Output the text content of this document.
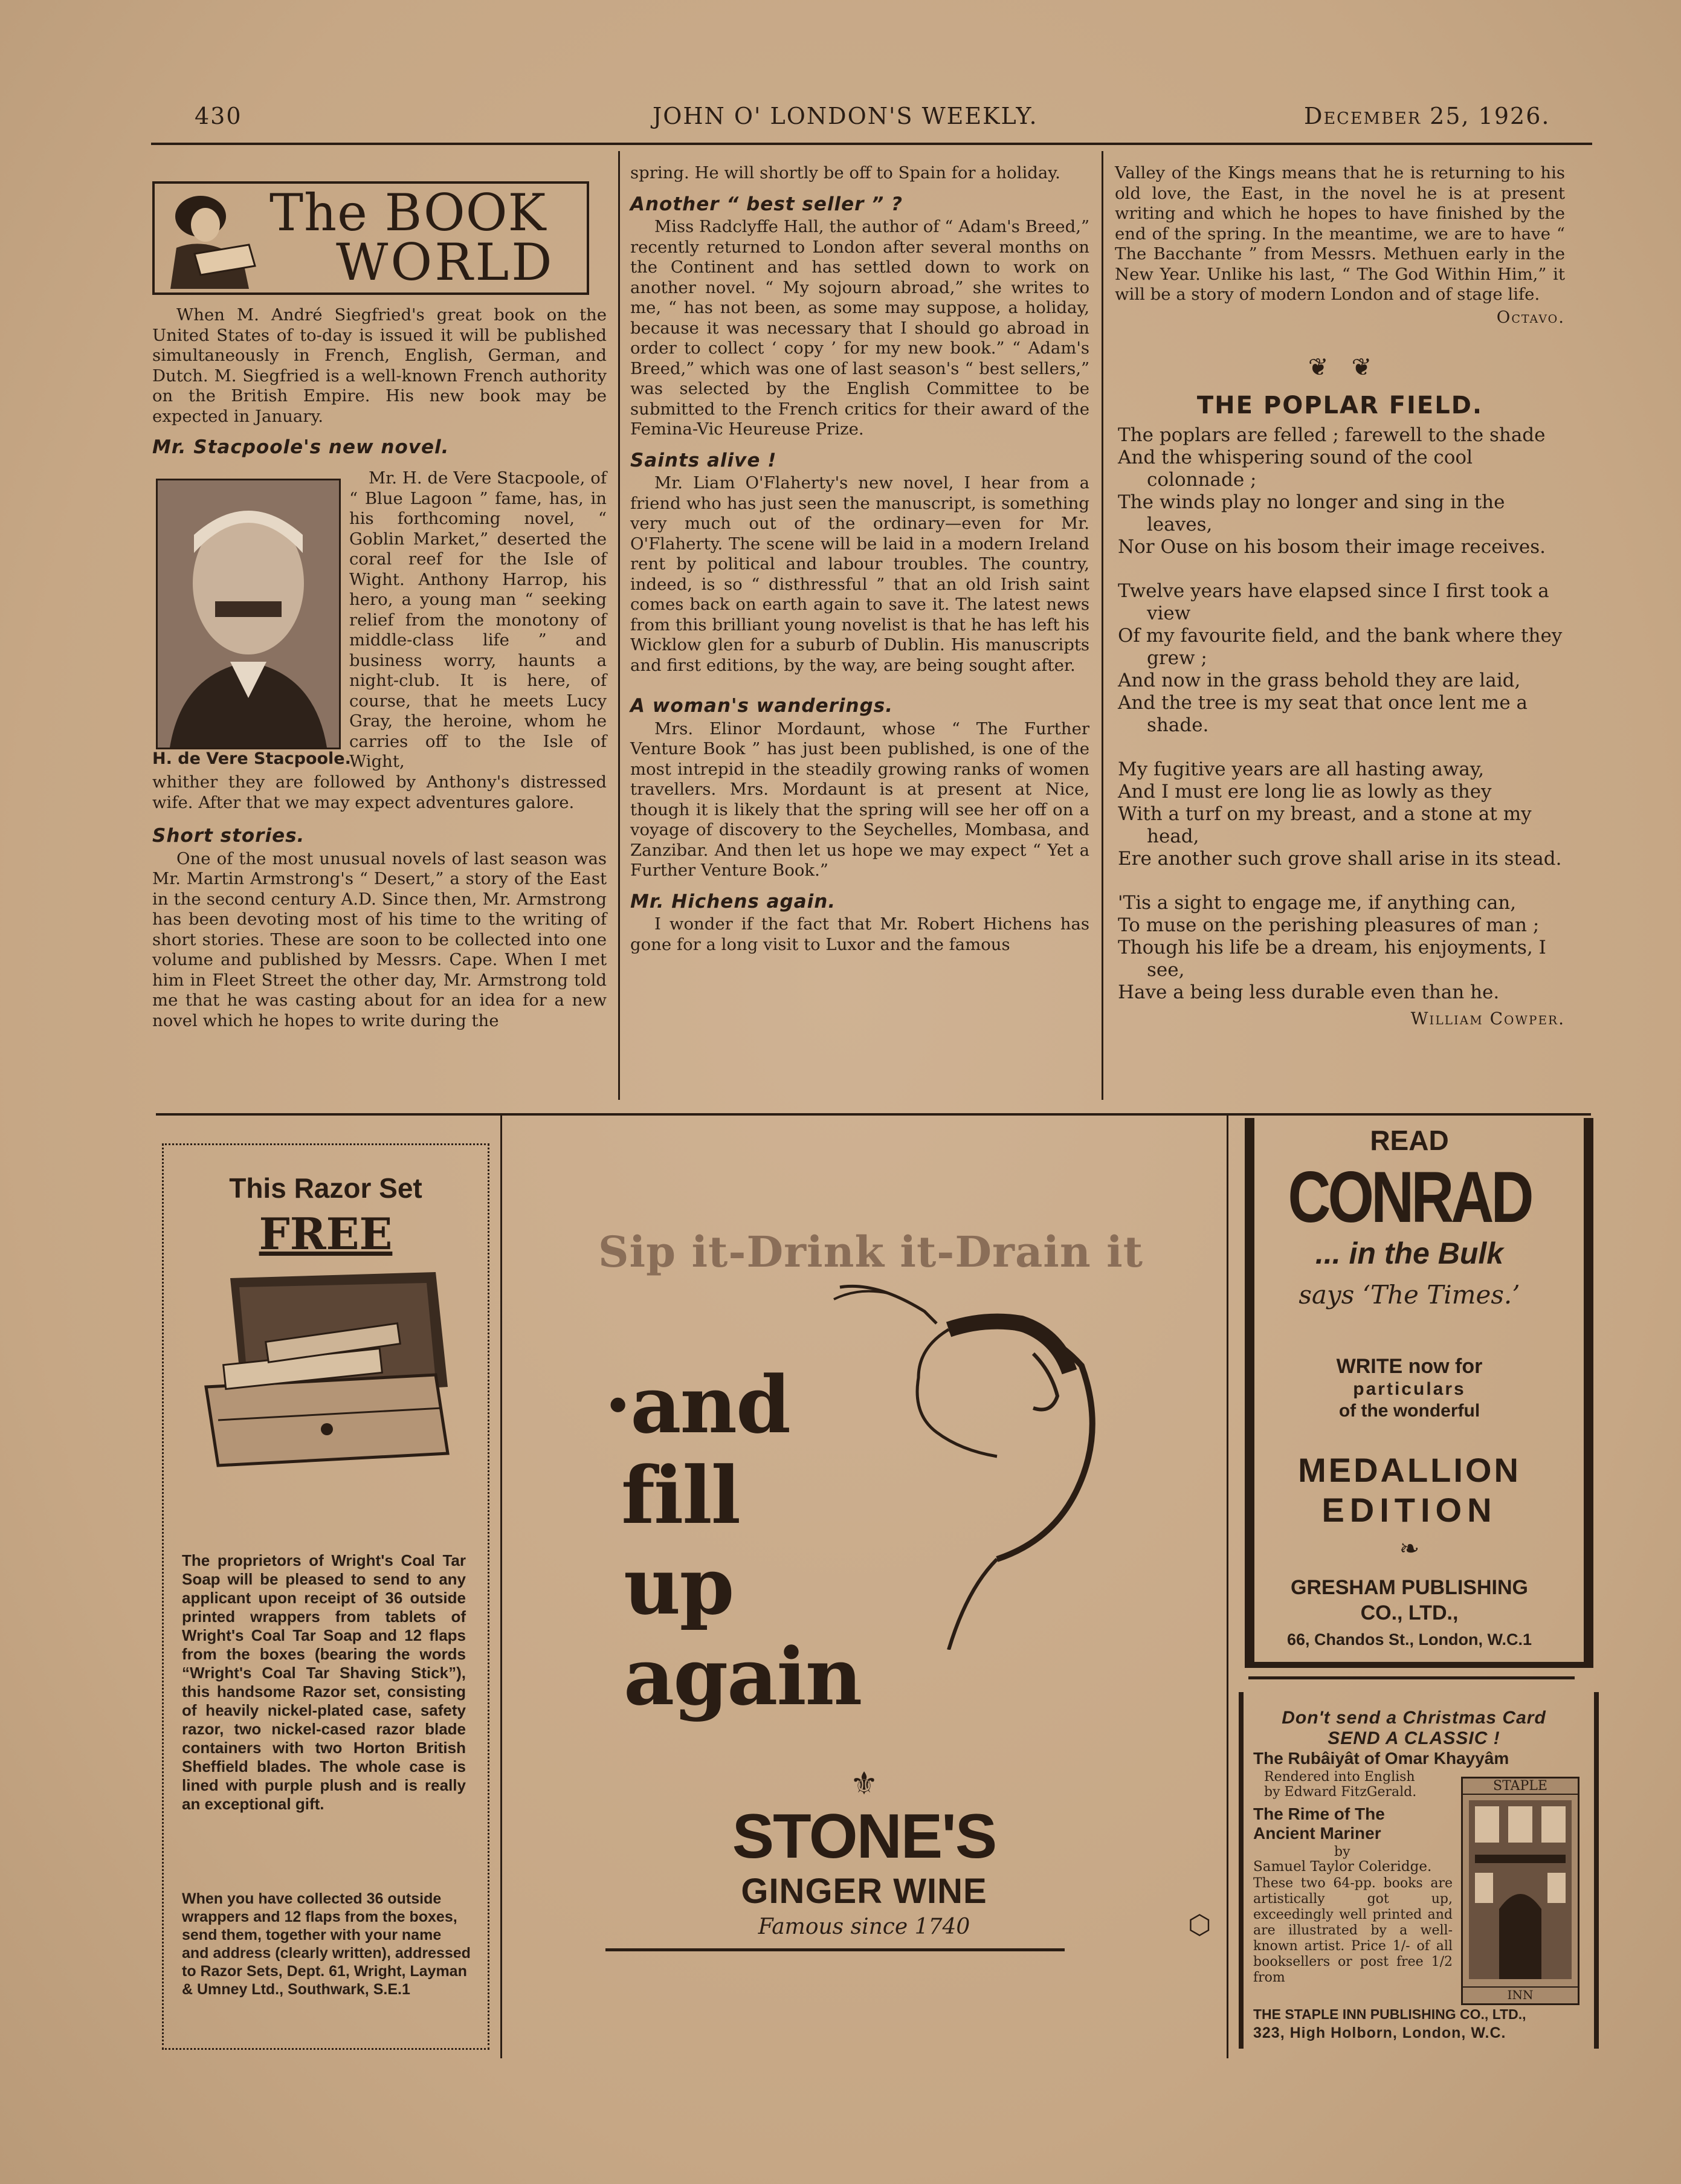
430	JOHN O' LONDON'S WEEKLY.	December 25, 1926.
The BOOK
WORLD

When M. André Siegfried's great book on the United States of to-day is issued it will be published simultaneously in French, English, German, and Dutch. M. Siegfried is a well-known French authority on the British Empire. His new book may be expected in January.

Mr. Stacpoole's new novel.
H. de Vere Stacpoole.
Mr. H. de Vere Stacpoole, of “ Blue Lagoon ” fame, has, in his forthcoming novel, “ Goblin Market,” deserted the coral reef for the Isle of Wight. Anthony Harrop, his hero, a young man “ seeking relief from the monotony of middle-class life ” and business worry, haunts a night-club. It is here, of course, that he meets Lucy Gray, the heroine, whom he carries off to the Isle of Wight,
whither they are followed by Anthony's distressed wife. After that we may expect adventures galore.
Short stories.

One of the most unusual novels of last season was Mr. Martin Armstrong's “ Desert,” a story of the East in the second century A.D. Since then, Mr. Armstrong has been devoting most of his time to the writing of short stories. These are soon to be collected into one volume and published by Messrs. Cape. When I met him in Fleet Street the other day, Mr. Armstrong told me that he was casting about for an idea for a new novel which he hopes to write during the

spring. He will shortly be off to Spain for a holiday.
Another “ best seller ” ?

Miss Radclyffe Hall, the author of “ Adam's Breed,” recently returned to London after several months on the Continent and has settled down to work on another novel. “ My sojourn abroad,” she writes to me, “ has not been, as some may suppose, a holiday, because it was necessary that I should go abroad in order to collect ‘ copy ’ for my new book.” “ Adam's Breed,” which was one of last season's “ best sellers,” was selected by the English Committee to be submitted to the French critics for their award of the Femina-Vic Heureuse Prize.

Saints alive !

Mr. Liam O'Flaherty's new novel, I hear from a friend who has just seen the manuscript, is something very much out of the ordinary—even for Mr. O'Flaherty. The scene will be laid in a modern Ireland rent by political and labour troubles. The country, indeed, is so “ disthressful ” that an old Irish saint comes back on earth again to save it. The latest news from this brilliant young novelist is that he has left his Wicklow glen for a suburb of Dublin. His manuscripts and first editions, by the way, are being sought after.

A woman's wanderings.

Mrs. Elinor Mordaunt, whose “ The Further Venture Book ” has just been published, is one of the most intrepid in the steadily growing ranks of women travellers. Mrs. Mordaunt is at present at Nice, though it is likely that the spring will see her off on a voyage of discovery to the Seychelles, Mombasa, and Zanzibar. And then let us hope we may expect “ Yet a Further Venture Book.”

Mr. Hichens again.

I wonder if the fact that Mr. Robert Hichens has gone for a long visit to Luxor and the famous

Valley of the Kings means that he is returning to his old love, the East, in the novel he is at present writing and which he hopes to have finished by the end of the spring. In the meantime, we are to have “ The Bacchante ” from Messrs. Methuen early in the New Year. Unlike his last, “ The God Within Him,” it will be a story of modern London and of stage life.
Octavo.
❦   ❦
THE POPLAR FIELD.
The poplars are felled ; farewell to the shade
And the whispering sound of the cool colonnade ;
The winds play no longer and sing in the leaves,
Nor Ouse on his bosom their image receives.
Twelve years have elapsed since I first took a view
Of my favourite field, and the bank where they grew ;
And now in the grass behold they are laid,
And the tree is my seat that once lent me a shade.
My fugitive years are all hasting away,
And I must ere long lie as lowly as they
With a turf on my breast, and a stone at my head,
Ere another such grove shall arise in its stead.
'Tis a sight to engage me, if anything can,
To muse on the perishing pleasures of man ;
Though his life be a dream, his enjoyments, I see,
Have a being less durable even than he.
William Cowper.
This Razor Set
FREE
The proprietors of Wright's Coal Tar Soap will be pleased to send to any applicant upon receipt of 36 outside printed wrappers from tablets of Wright's Coal Tar Soap and 12 flaps from the boxes (bearing the words “Wright's Coal Tar Shaving Stick”), this handsome Razor set, consisting of heavily nickel-plated case, safety razor, two nickel-cased razor blade containers with two Horton British Sheffield blades. The whole case is lined with purple plush and is really an exceptional gift.
When you have collected 36 outside wrappers and 12 flaps from the boxes, send them, together with your name and address (clearly written), addressed to Razor Sets, Dept. 61, Wright, Layman & Umney Ltd., Southwark, S.E.1
Sip it-Drink it-Drain it
·and
fill
up
again
⚜
STONE'S
GINGER WINE
Famous since 1740	⬡
READ
CONRAD
... in the Bulk
says ‘The Times.’
WRITE now for
particulars
of the wonderful
MEDALLION
EDITION
❧
GRESHAM PUBLISHING
CO., LTD.,
66, Chandos St., London, W.C.1
Don't send a Christmas Card
SEND A CLASSIC !
The Rubâiyât of Omar Khayyâm
Rendered into English
by Edward FitzGerald.
The Rime of The
Ancient Mariner
by
Samuel Taylor Coleridge.
These two 64-pp. books are artistically got up, exceedingly well printed and are illustrated by a well-known artist. Price 1/- of all booksellers or post free 1/2 from
STAPLE
INN
THE STAPLE INN PUBLISHING CO., LTD.,
323, High Holborn, London, W.C.
